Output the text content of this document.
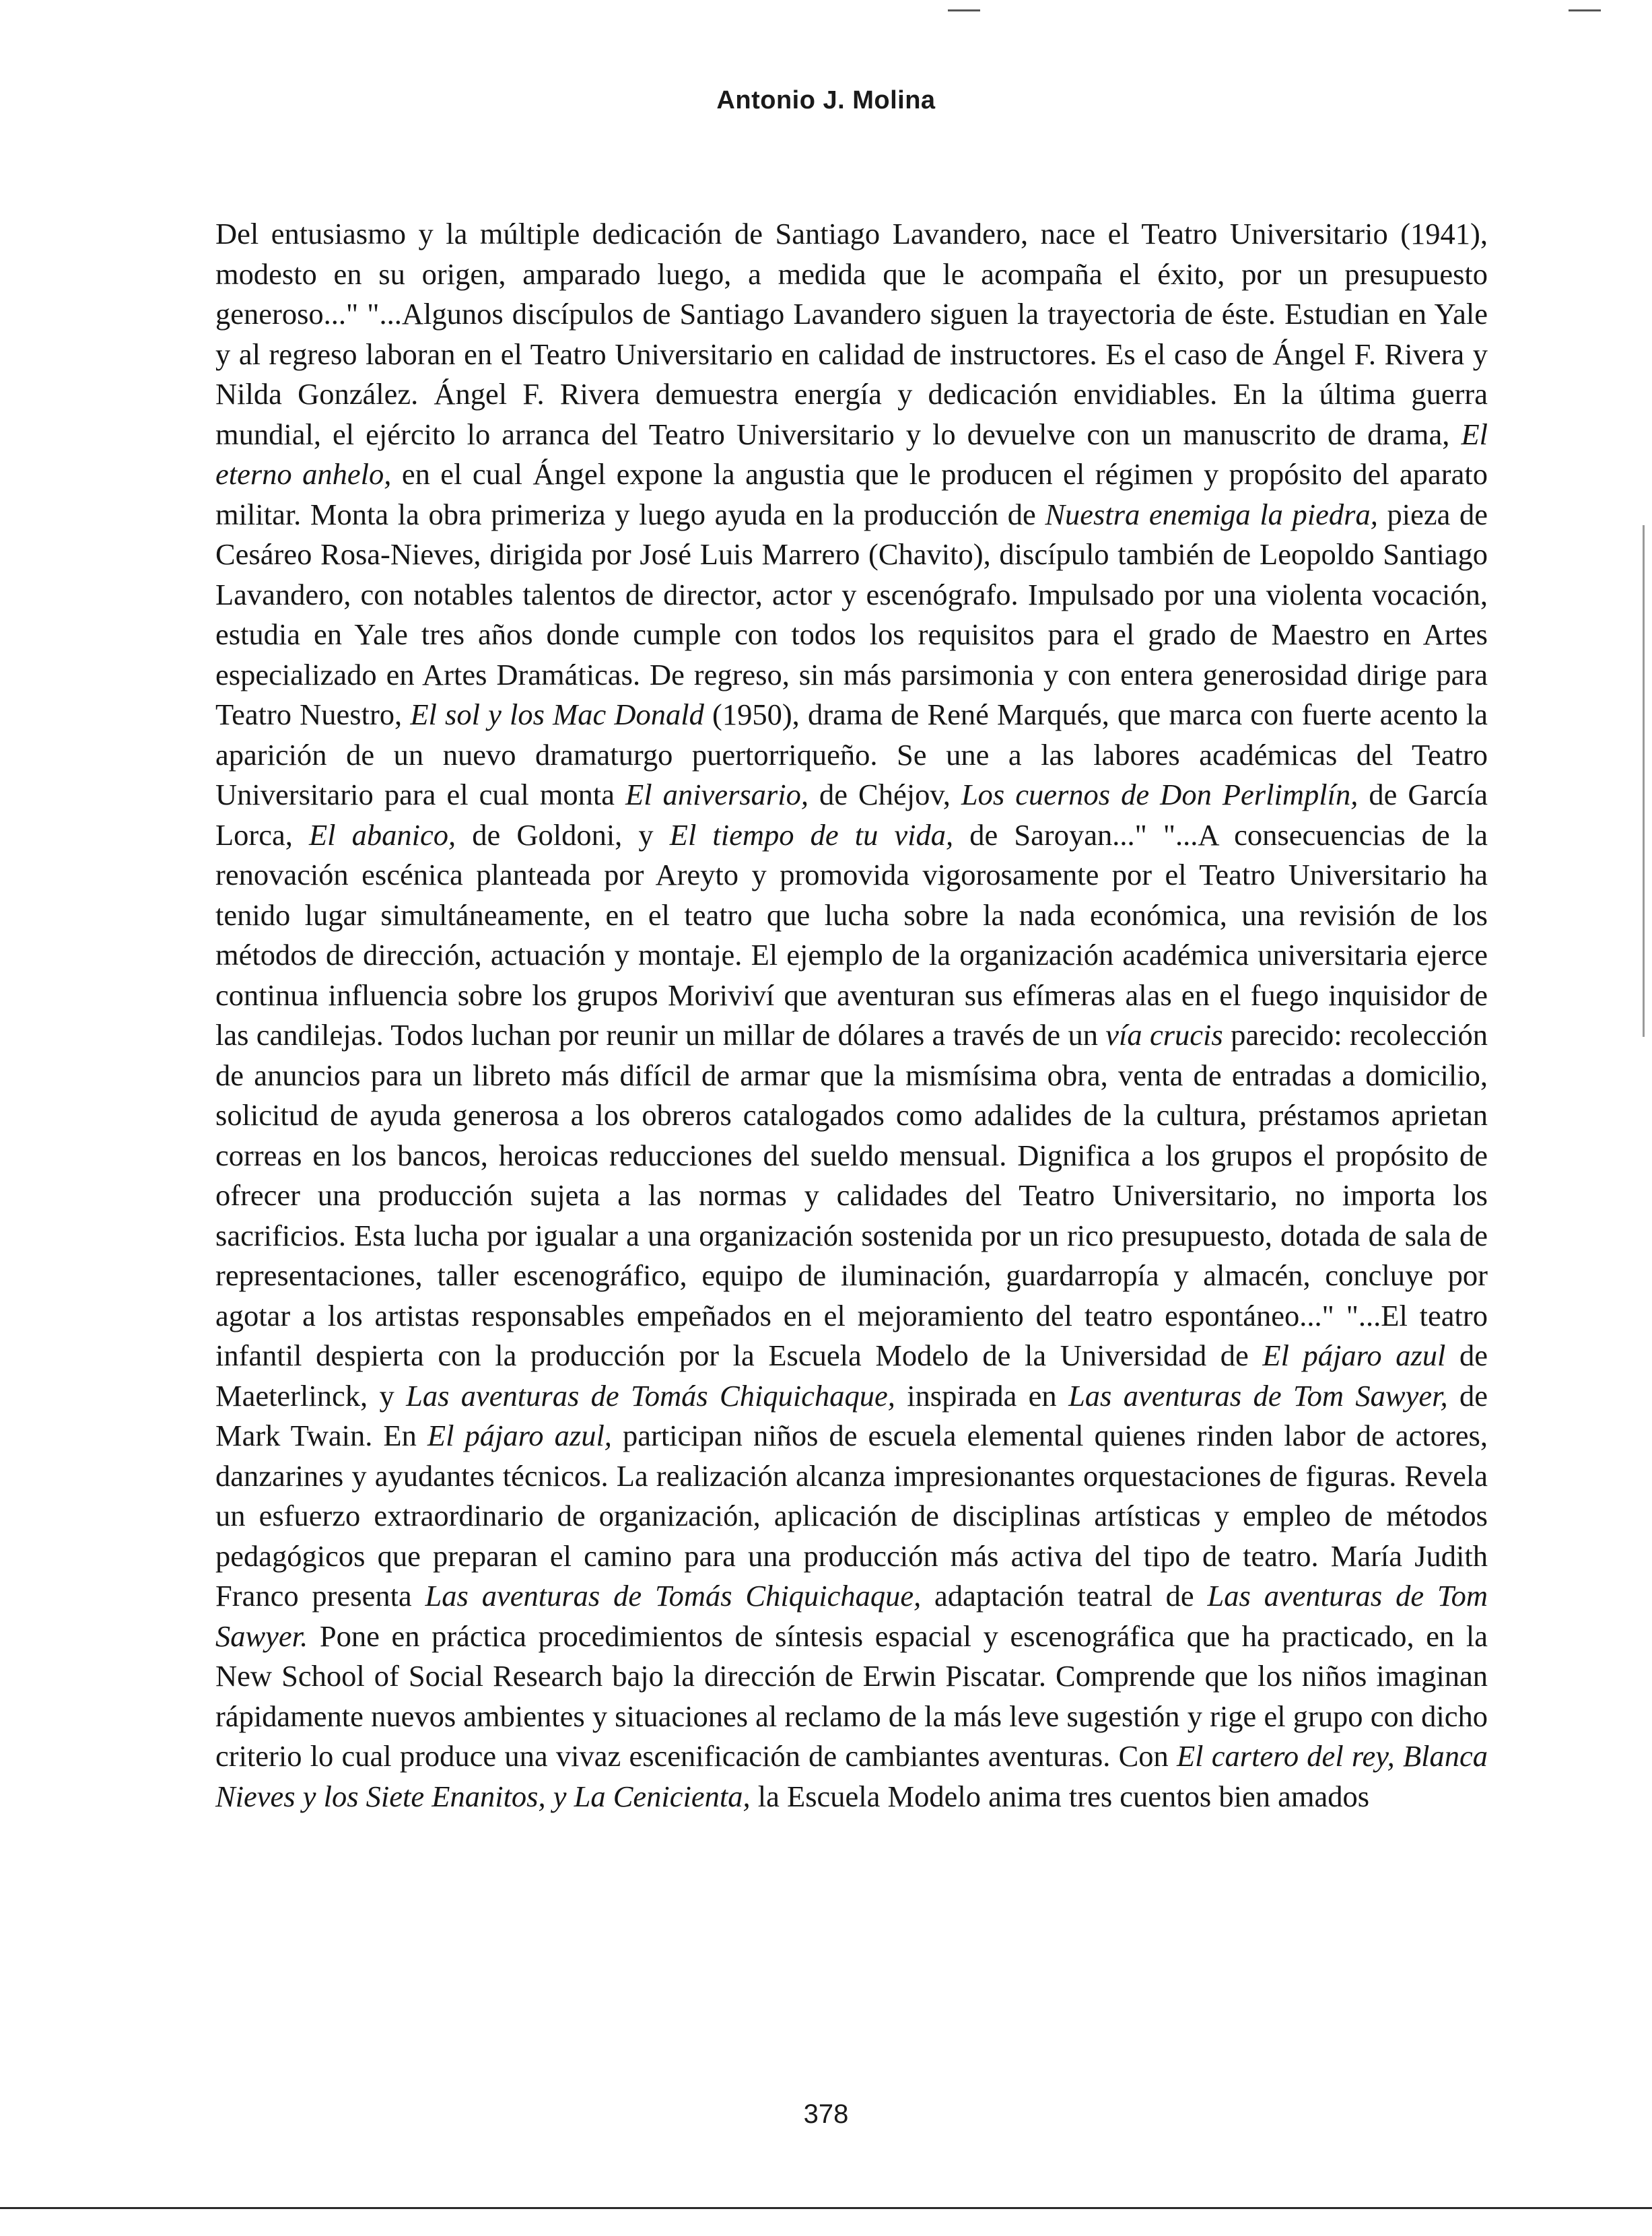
Antonio J. Molina

Del entusiasmo y la múltiple dedicación de Santiago Lavandero, nace el Teatro Universitario (1941), modesto en su origen, amparado luego, a medida que le acompaña el éxito, por un presupuesto generoso..." "...Algunos discípulos de Santiago Lavandero siguen la trayectoria de éste. Estudian en Yale y al regreso laboran en el Teatro Universitario en calidad de instructores. Es el caso de Ángel F. Rivera y Nilda González. Ángel F. Rivera demuestra energía y dedicación envidiables. En la última guerra mundial, el ejército lo arranca del Teatro Universitario y lo devuelve con un manuscrito de drama, El eterno anhelo, en el cual Ángel expone la angustia que le producen el régimen y propósito del aparato militar. Monta la obra primeriza y luego ayuda en la producción de Nuestra enemiga la piedra, pieza de Cesáreo Rosa-Nieves, dirigida por José Luis Marrero (Chavito), discípulo también de Leopoldo Santiago Lavandero, con notables talentos de director, actor y escenógrafo. Impulsado por una violenta vocación, estudia en Yale tres años donde cumple con todos los requisitos para el grado de Maestro en Artes especializado en Artes Dramáticas. De regreso, sin más parsimonia y con entera generosidad dirige para Teatro Nuestro, El sol y los Mac Donald (1950), drama de René Marqués, que marca con fuerte acento la aparición de un nuevo dramaturgo puertorriqueño. Se une a las labores académicas del Teatro Universitario para el cual monta El aniversario, de Chéjov, Los cuernos de Don Perlimplín, de García Lorca, El abanico, de Goldoni, y El tiempo de tu vida, de Saroyan..." "...A consecuencias de la renovación escénica planteada por Areyto y promovida vigorosamente por el Teatro Universitario ha tenido lugar simultáneamente, en el teatro que lucha sobre la nada económica, una revisión de los métodos de dirección, actuación y montaje. El ejemplo de la organización académica universitaria ejerce continua influencia sobre los grupos Moriviví que aventuran sus efímeras alas en el fuego inquisidor de las candilejas. Todos luchan por reunir un millar de dólares a través de un vía crucis parecido: recolección de anuncios para un libreto más difícil de armar que la mismísima obra, venta de entradas a domicilio, solicitud de ayuda generosa a los obreros catalogados como adalides de la cultura, préstamos aprietan correas en los bancos, heroicas reducciones del sueldo mensual. Dignifica a los grupos el propósito de ofrecer una producción sujeta a las normas y calidades del Teatro Universitario, no importa los sacrificios. Esta lucha por igualar a una organización sostenida por un rico presupuesto, dotada de sala de representaciones, taller escenográfico, equipo de iluminación, guardarropía y almacén, concluye por agotar a los artistas responsables empeñados en el mejoramiento del teatro espontáneo..." "...El teatro infantil despierta con la producción por la Escuela Modelo de la Universidad de El pájaro azul de Maeterlinck, y Las aventuras de Tomás Chiquichaque, inspirada en Las aventuras de Tom Sawyer, de Mark Twain. En El pájaro azul, participan niños de escuela elemental quienes rinden labor de actores, danzarines y ayudantes técnicos. La realización alcanza impresionantes orquestaciones de figuras. Revela un esfuerzo extraordinario de organización, aplicación de disciplinas artísticas y empleo de métodos pedagógicos que preparan el camino para una producción más activa del tipo de teatro. María Judith Franco presenta Las aventuras de Tomás Chiquichaque, adaptación teatral de Las aventuras de Tom Sawyer. Pone en práctica procedimientos de síntesis espacial y escenográfica que ha practicado, en la New School of Social Research bajo la dirección de Erwin Piscatar. Comprende que los niños imaginan rápidamente nuevos ambientes y situaciones al reclamo de la más leve sugestión y rige el grupo con dicho criterio lo cual produce una vivaz escenificación de cambiantes aventuras. Con El cartero del rey, Blanca Nieves y los Siete Enanitos, y La Cenicienta, la Escuela Modelo anima tres cuentos bien amados

378
